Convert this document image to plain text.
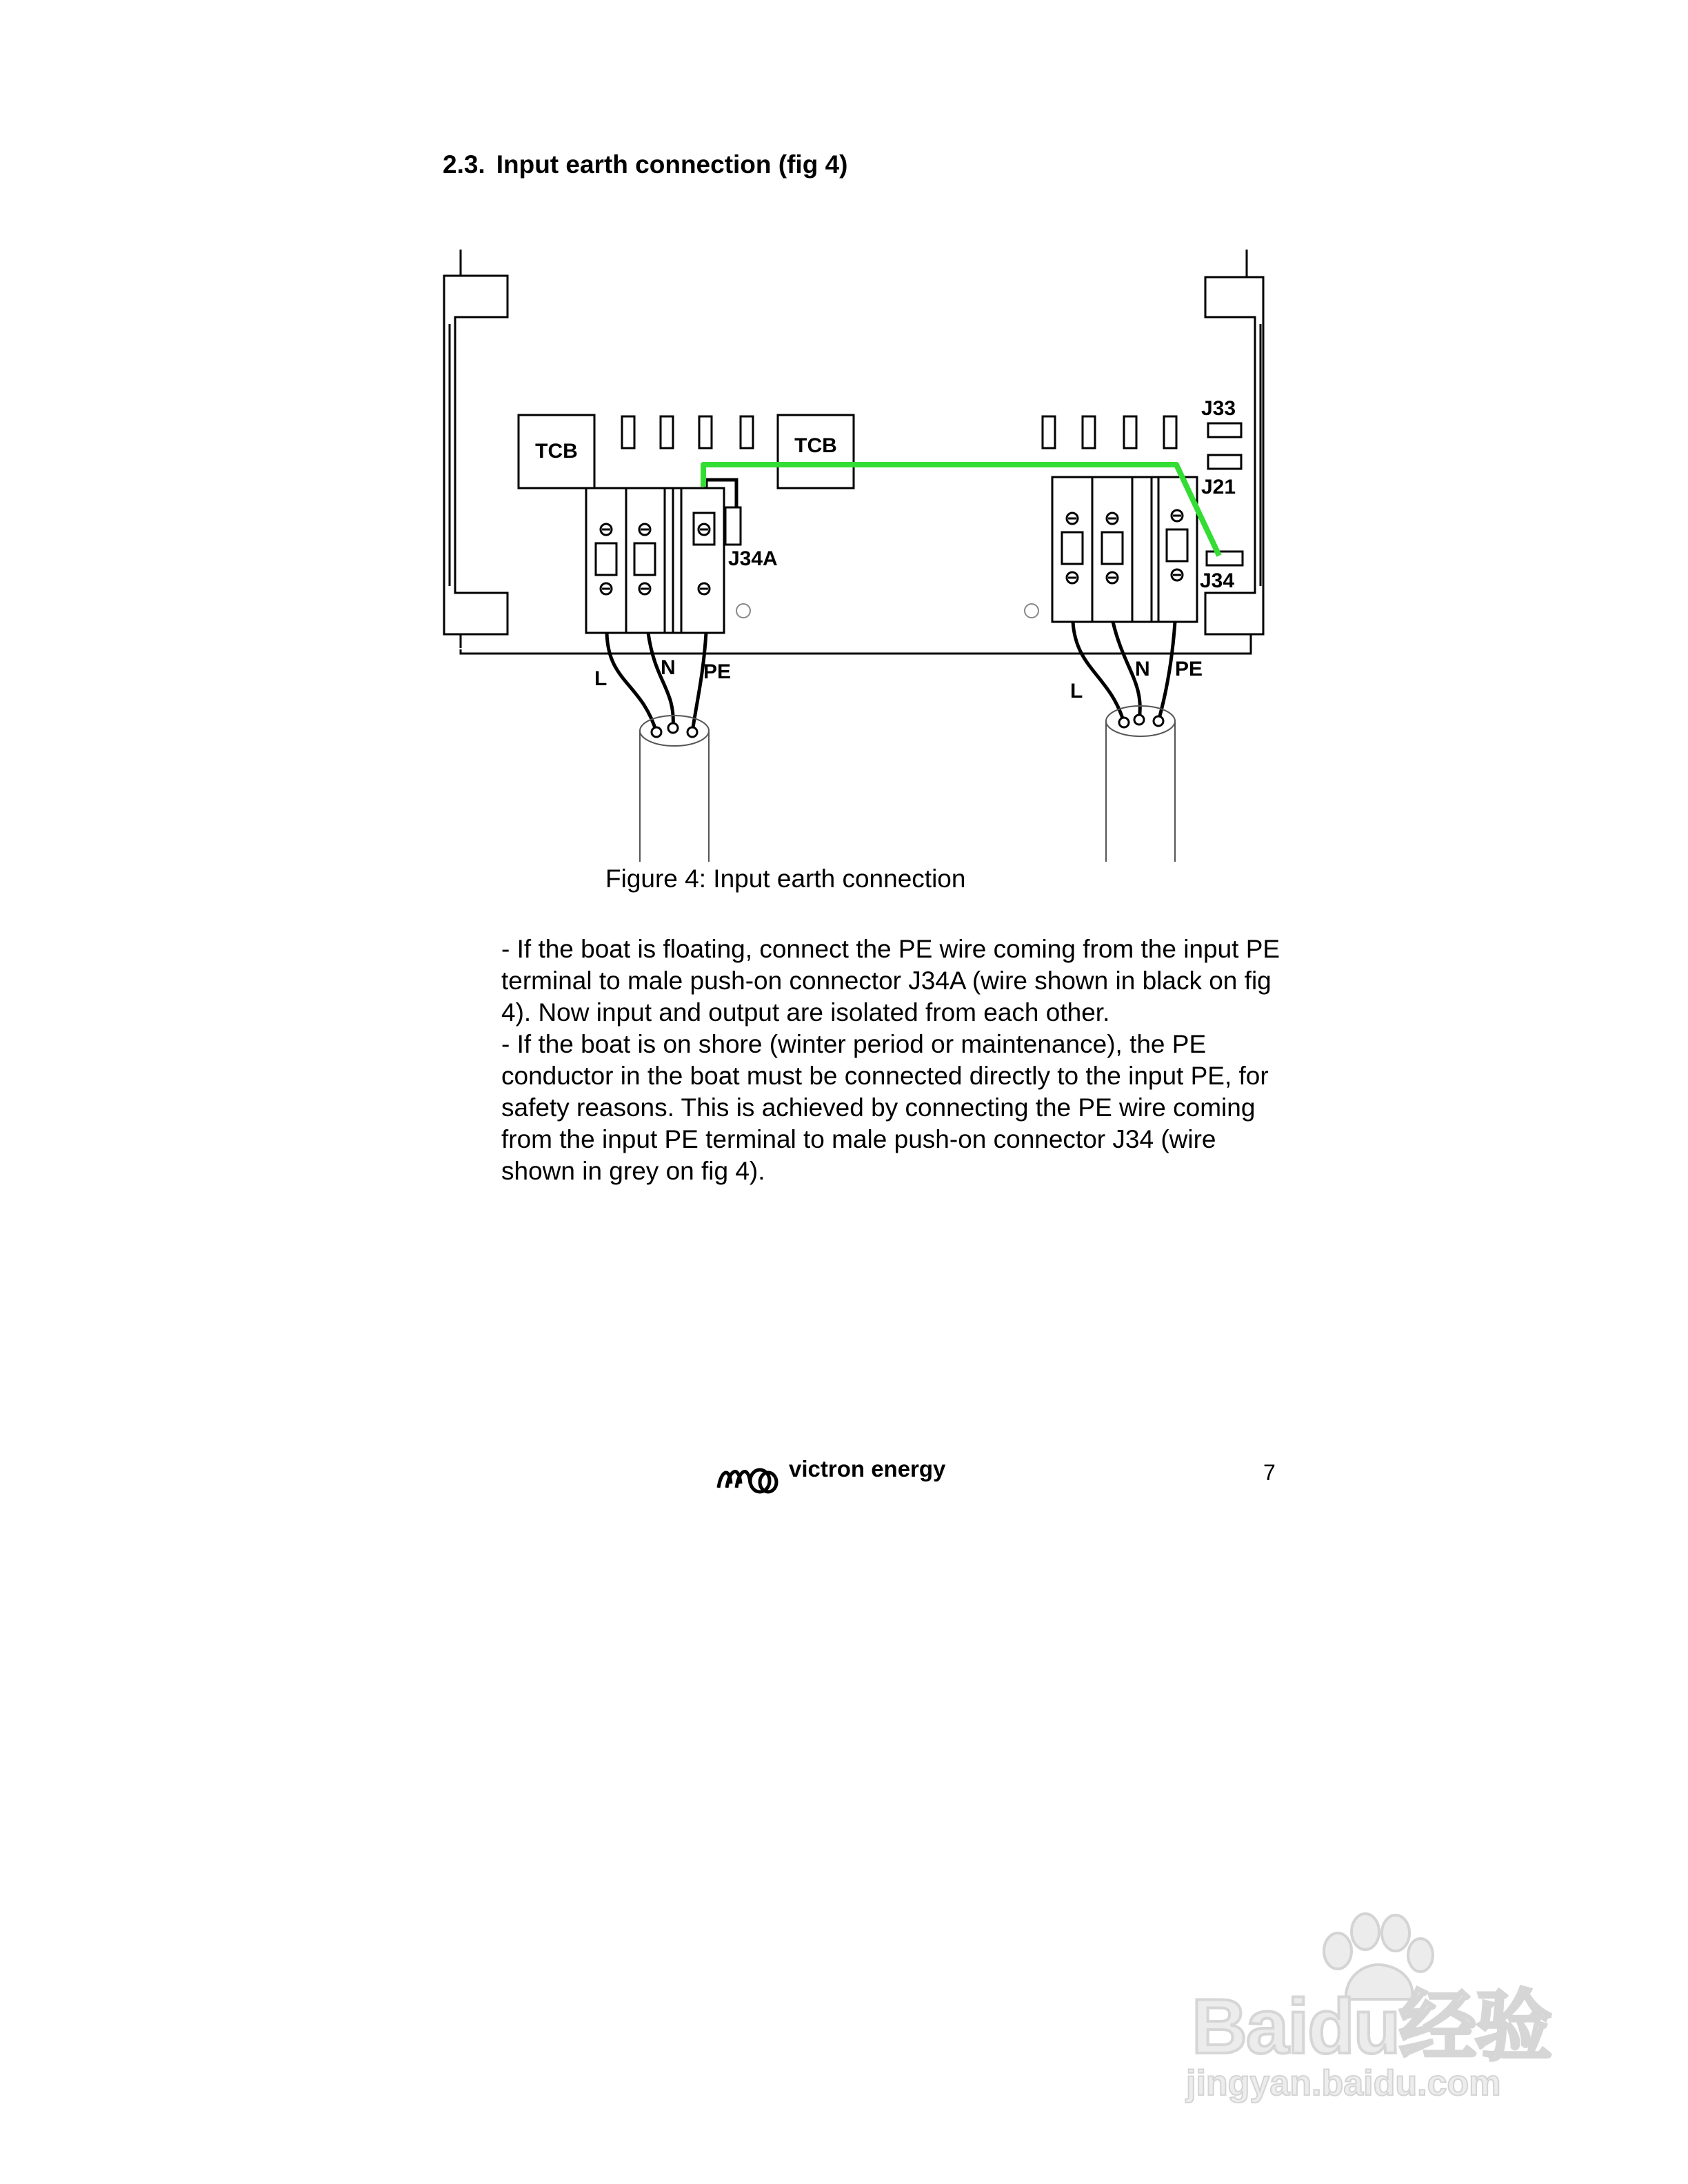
2.3. Input earth connection (fig 4)
TCB	TCB
J33
J21
J34
J34A
L	N PE
L
N PE
Figure 4: Input earth connection

- If the boat is floating, connect the PE wire coming from the input PE terminal to male push-on connector J34A (wire shown in black on fig 4). Now input and output are isolated from each other.

- If the boat is on shore (winter period or maintenance), the PE conductor in the boat must be connected directly to the input PE, for safety reasons. This is achieved by connecting the PE wire coming from the input PE terminal to male push-on connector J34 (wire shown in grey on fig 4).

victron energy	7
Baidu经验
jingyan.baidu.com
